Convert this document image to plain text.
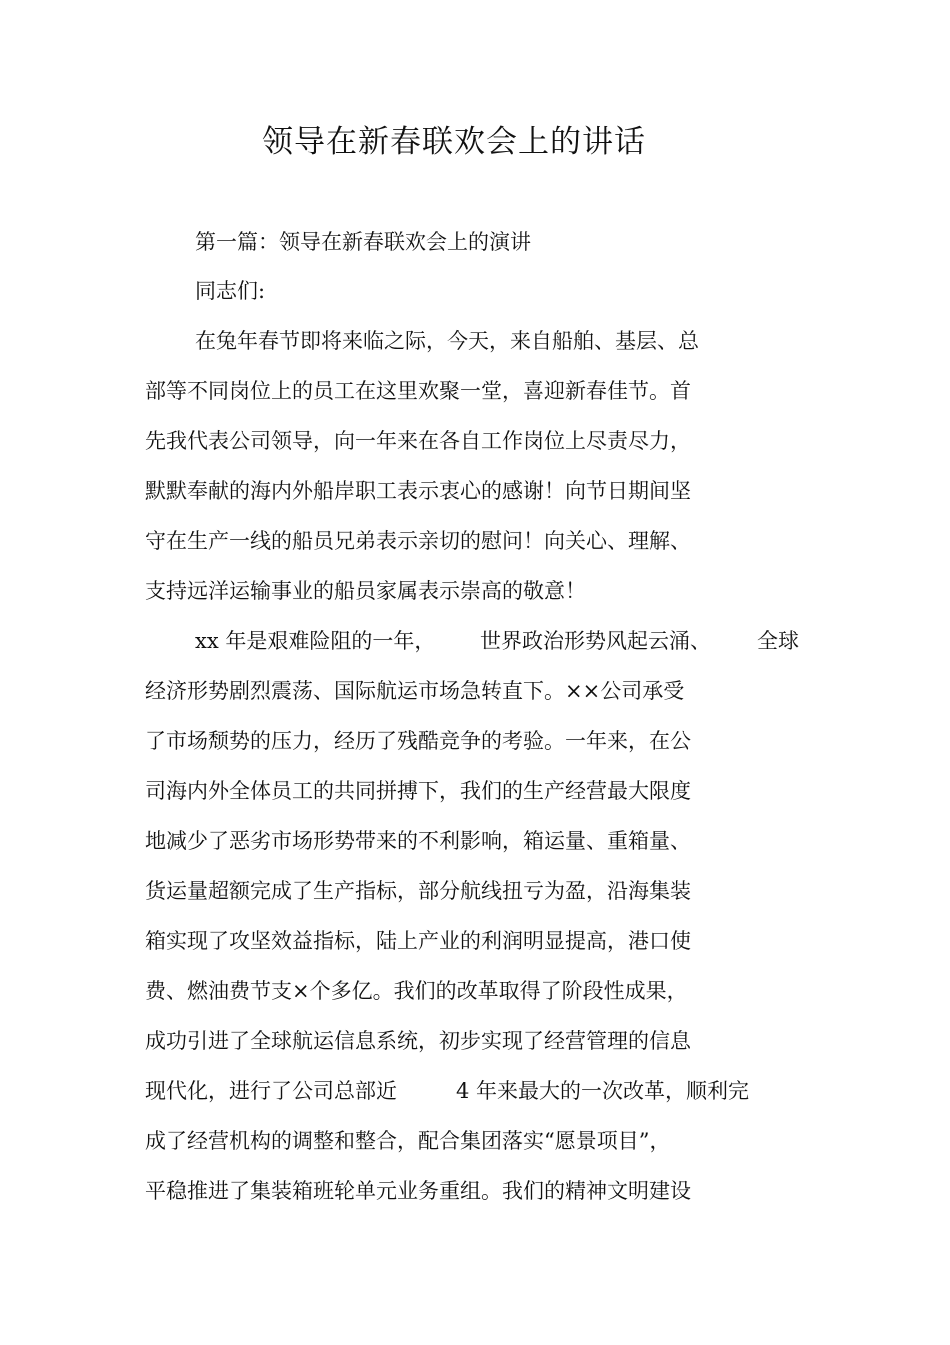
领导在新春联欢会上的讲话
第一篇：领导在新春联欢会上的演讲
同志们:
在兔年春节即将来临之际，今天，来自船舶、基层、总
部等不同岗位上的员工在这里欢聚一堂，喜迎新春佳节。首
先我代表公司领导，向一年来在各自工作岗位上尽责尽力，
默默奉献的海内外船岸职工表示衷心的感谢！向节日期间坚
守在生产一线的船员兄弟表示亲切的慰问！向关心、理解、
支持远洋运输事业的船员家属表示崇高的敬意！
xx 年是艰难险阻的一年， 世界政治形势风起云涌、 全球
经济形势剧烈震荡、国际航运市场急转直下。××公司承受
了市场颓势的压力，经历了残酷竞争的考验。一年来，在公
司海内外全体员工的共同拼搏下，我们的生产经营最大限度
地减少了恶劣市场形势带来的不利影响，箱运量、重箱量、
货运量超额完成了生产指标，部分航线扭亏为盈，沿海集装
箱实现了攻坚效益指标，陆上产业的利润明显提高，港口使
费、燃油费节支×个多亿。我们的改革取得了阶段性成果，
成功引进了全球航运信息系统，初步实现了经营管理的信息
现代化，进行了公司总部近	4 年来最大的一次改革，顺利完
成了经营机构的调整和整合，配合集团落实“愿景项目”，
平稳推进了集装箱班轮单元业务重组。我们的精神文明建设
